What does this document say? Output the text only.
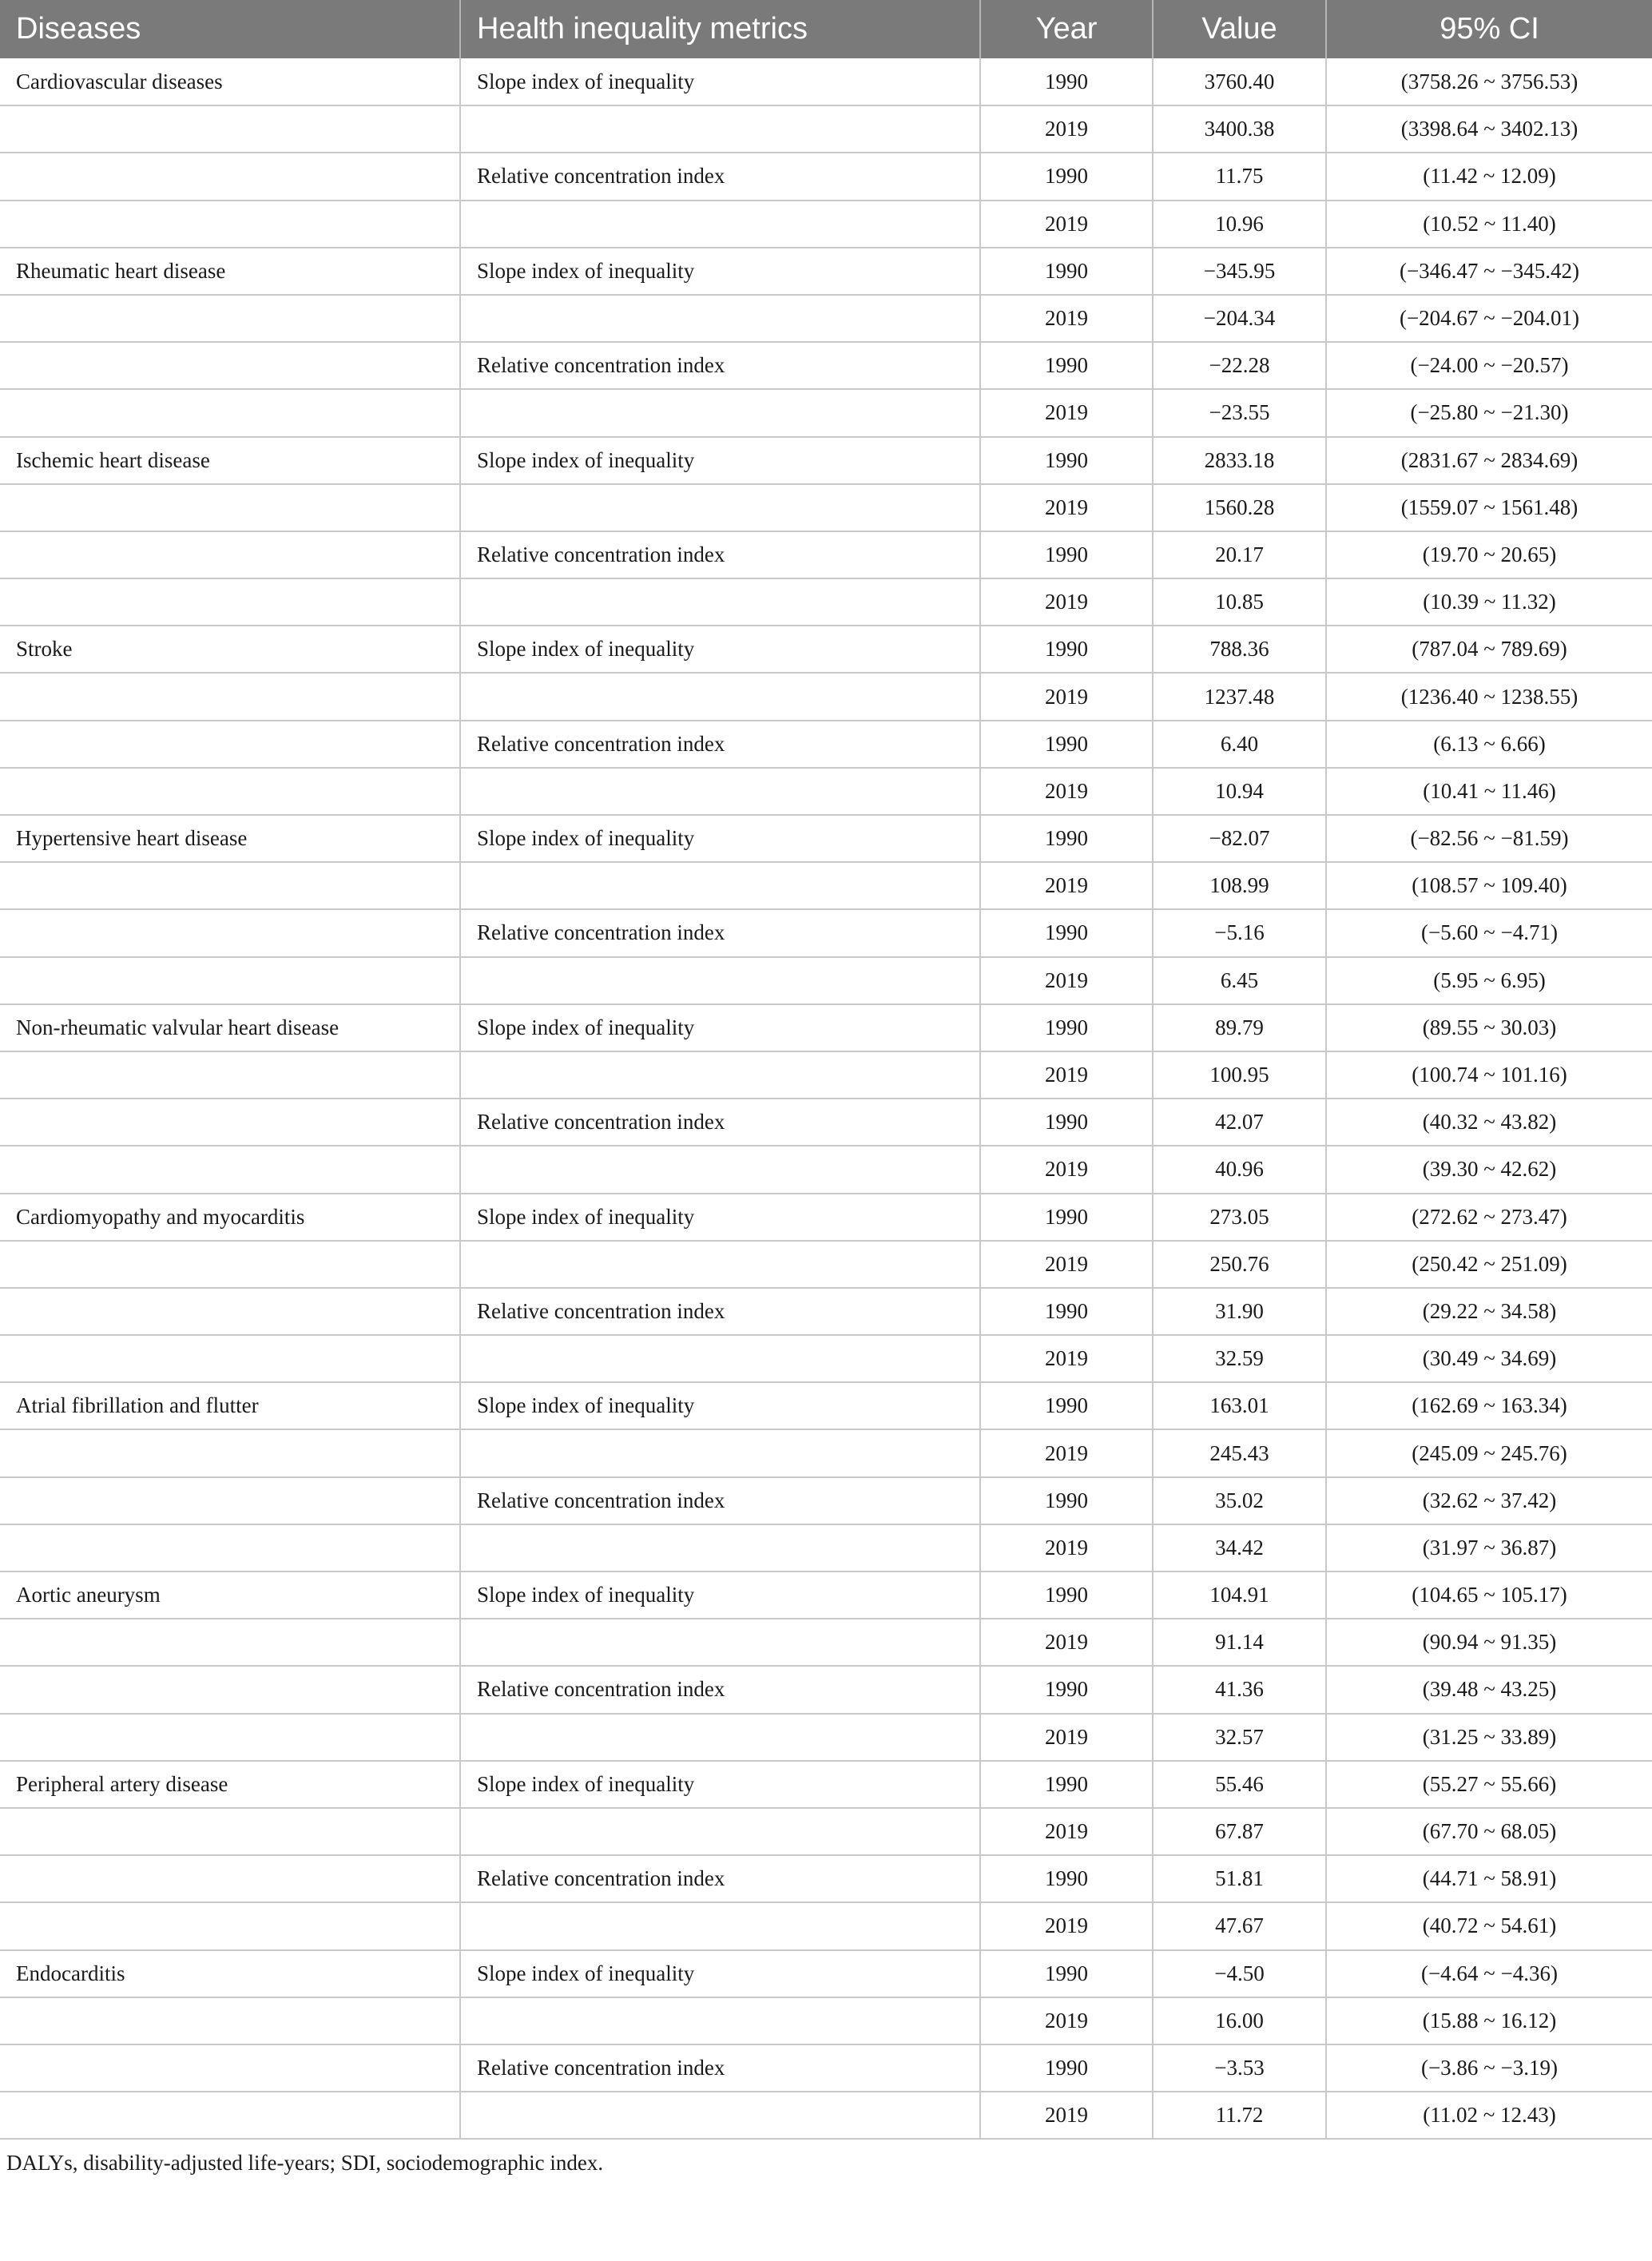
Diseases	Health inequality metrics	Year	Value	95% CI
Cardiovascular diseases	Slope index of inequality	1990	3760.40	(3758.26 ~ 3756.53)
		2019	3400.38	(3398.64 ~ 3402.13)
	Relative concentration index	1990	11.75	(11.42 ~ 12.09)
		2019	10.96	(10.52 ~ 11.40)
Rheumatic heart disease	Slope index of inequality	1990	−345.95	(−346.47 ~ −345.42)
		2019	−204.34	(−204.67 ~ −204.01)
	Relative concentration index	1990	−22.28	(−24.00 ~ −20.57)
		2019	−23.55	(−25.80 ~ −21.30)
Ischemic heart disease	Slope index of inequality	1990	2833.18	(2831.67 ~ 2834.69)
		2019	1560.28	(1559.07 ~ 1561.48)
	Relative concentration index	1990	20.17	(19.70 ~ 20.65)
		2019	10.85	(10.39 ~ 11.32)
Stroke	Slope index of inequality	1990	788.36	(787.04 ~ 789.69)
		2019	1237.48	(1236.40 ~ 1238.55)
	Relative concentration index	1990	6.40	(6.13 ~ 6.66)
		2019	10.94	(10.41 ~ 11.46)
Hypertensive heart disease	Slope index of inequality	1990	−82.07	(−82.56 ~ −81.59)
		2019	108.99	(108.57 ~ 109.40)
	Relative concentration index	1990	−5.16	(−5.60 ~ −4.71)
		2019	6.45	(5.95 ~ 6.95)
Non-rheumatic valvular heart disease	Slope index of inequality	1990	89.79	(89.55 ~ 30.03)
		2019	100.95	(100.74 ~ 101.16)
	Relative concentration index	1990	42.07	(40.32 ~ 43.82)
		2019	40.96	(39.30 ~ 42.62)
Cardiomyopathy and myocarditis	Slope index of inequality	1990	273.05	(272.62 ~ 273.47)
		2019	250.76	(250.42 ~ 251.09)
	Relative concentration index	1990	31.90	(29.22 ~ 34.58)
		2019	32.59	(30.49 ~ 34.69)
Atrial fibrillation and flutter	Slope index of inequality	1990	163.01	(162.69 ~ 163.34)
		2019	245.43	(245.09 ~ 245.76)
	Relative concentration index	1990	35.02	(32.62 ~ 37.42)
		2019	34.42	(31.97 ~ 36.87)
Aortic aneurysm	Slope index of inequality	1990	104.91	(104.65 ~ 105.17)
		2019	91.14	(90.94 ~ 91.35)
	Relative concentration index	1990	41.36	(39.48 ~ 43.25)
		2019	32.57	(31.25 ~ 33.89)
Peripheral artery disease	Slope index of inequality	1990	55.46	(55.27 ~ 55.66)
		2019	67.87	(67.70 ~ 68.05)
	Relative concentration index	1990	51.81	(44.71 ~ 58.91)
		2019	47.67	(40.72 ~ 54.61)
Endocarditis	Slope index of inequality	1990	−4.50	(−4.64 ~ −4.36)
		2019	16.00	(15.88 ~ 16.12)
	Relative concentration index	1990	−3.53	(−3.86 ~ −3.19)
		2019	11.72	(11.02 ~ 12.43)
DALYs, disability-adjusted life-years; SDI, sociodemographic index.
